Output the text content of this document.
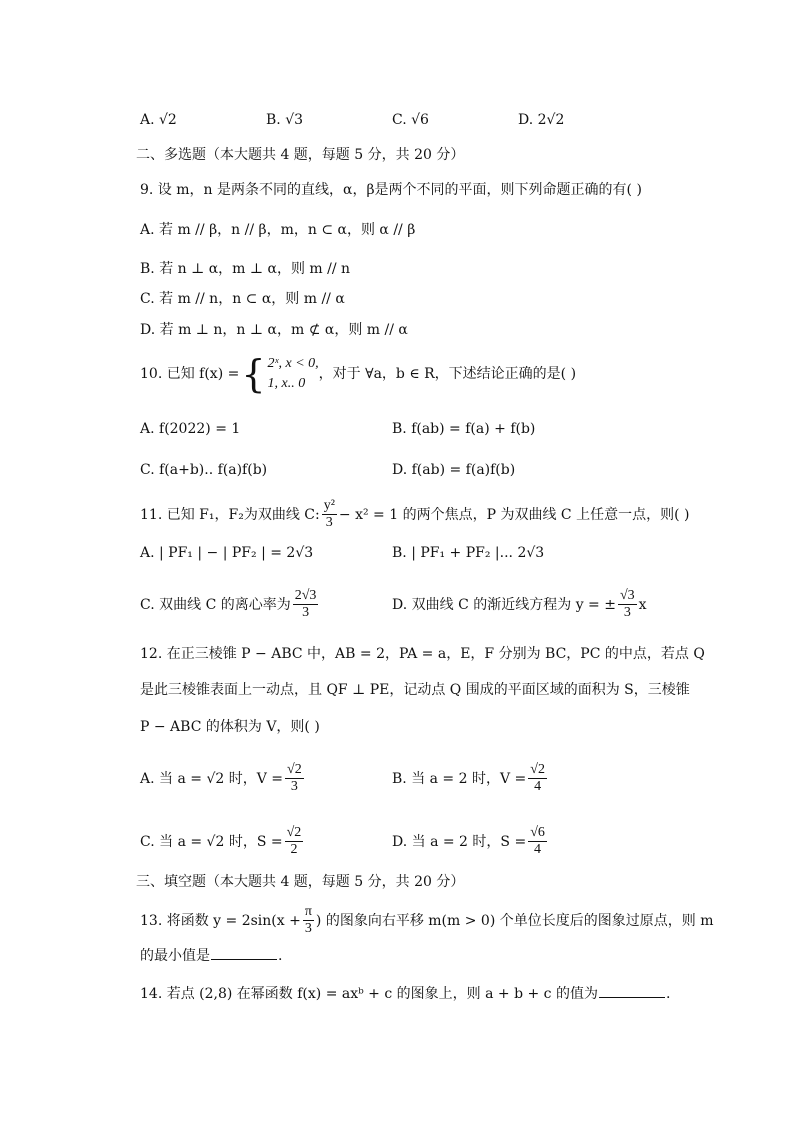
A. √2	B. √3	C. √6	D. 2√2
二、多选题（本大题共 4 题，每题 5 分，共 20 分）
9. 设 m，n 是两条不同的直线，α，β是两个不同的平面，则下列命题正确的有( )
A. 若 m // β，n // β，m，n ⊂ α，则 α // β
B. 若 n ⊥ α，m ⊥ α，则 m // n
C. 若 m // n，n ⊂ α，则 m // α
D. 若 m ⊥ n，n ⊥ α，m ⊄ α，则 m // α
10. 已知 f(x) = { 2ˣ, x < 0,
1, x.. 0
，对于 ∀a，b ∈ R，下述结论正确的是( )
A. f(2022) = 1	B. f(ab) = f(a) + f(b)
C. f(a+b).. f(a)f(b)	D. f(ab) = f(a)f(b)
11. 已知 F₁，F₂为双曲线 C: $\frac{\text{y²}}{3} - x^2 = 1$ 的两个焦点，P 为双曲线 C 上任意一点，则( )
A. | PF₁ | − | PF₂ | = 2√3	B. | PF₁ + PF₂ |... 2√3
C. 双曲线 C 的离心率为 $\frac{2√3}{3}$	D. 双曲线 C 的渐近线方程为 y = ± $\frac{√3}{3}$ x
12. 在正三棱锥 P − ABC 中，AB = 2，PA = a，E，F 分别为 BC，PC 的中点，若点 Q
是此三棱锥表面上一动点，且 QF ⊥ PE，记动点 Q 围成的平面区域的面积为 S，三棱锥
P − ABC 的体积为 V，则( )
A. 当 a = √2 时，$V = \frac{√2}{3}$	B. 当 a = 2 时，$V = \frac{√2}{4}$
C. 当 a = √2 时，$S = \frac{√2}{2}$	D. 当 a = 2 时，$S = \frac{√6}{4}$
三、填空题（本大题共 4 题，每题 5 分，共 20 分）
13. 将函数 $y = 2\sin(x + \frac{\pi}{3}$ ) 的图象向右平移 m(m > 0) 个单位长度后的图象过原点，则 m
的最小值是	.
14. 若点 (2,8) 在幂函数 f(x) = axᵇ + c 的图象上，则 a + b + c 的值为	.
